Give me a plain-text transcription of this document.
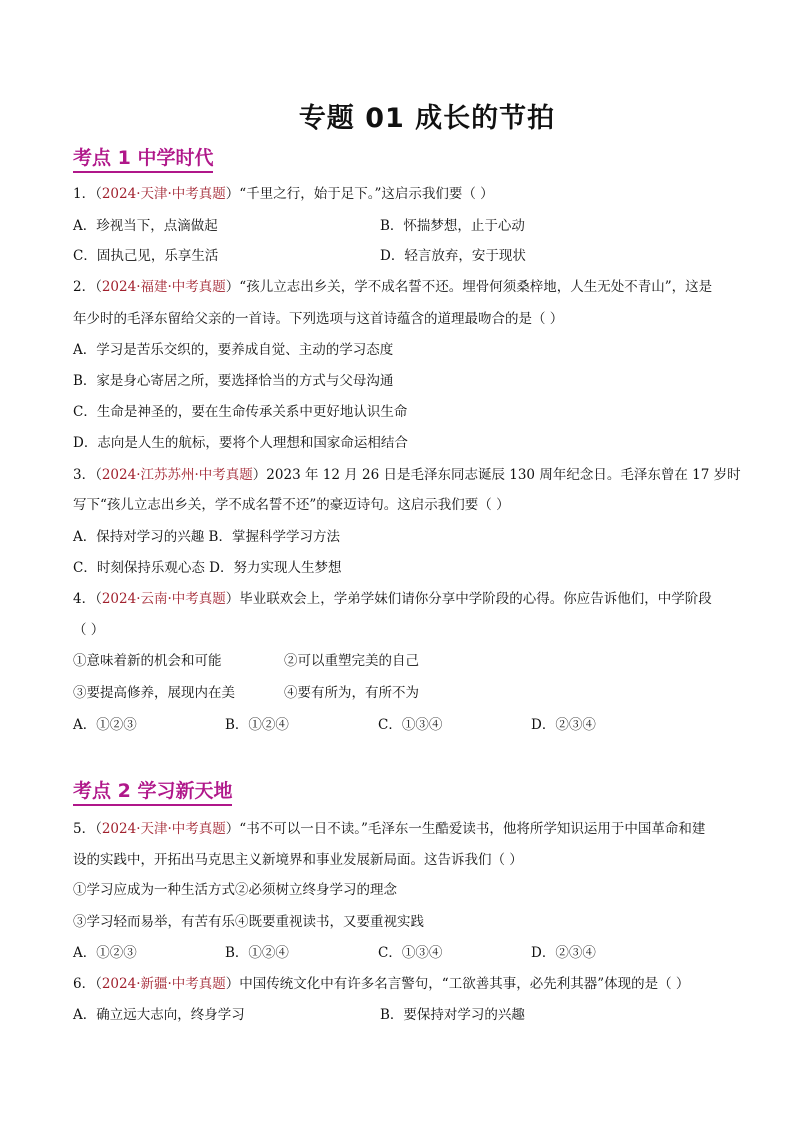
专题 01 成长的节拍
考点 1 中学时代
1．（2024·天津·中考真题）“千里之行，始于足下。”这启示我们要（ ）
A．珍视当下，点滴做起	B．怀揣梦想，止于心动
C．固执己见，乐享生活	D．轻言放弃，安于现状
2．（2024·福建·中考真题）“孩儿立志出乡关，学不成名誓不还。埋骨何须桑梓地，人生无处不青山”，这是
年少时的毛泽东留给父亲的一首诗。下列选项与这首诗蕴含的道理最吻合的是（ ）
A．学习是苦乐交织的，要养成自觉、主动的学习态度
B．家是身心寄居之所，要选择恰当的方式与父母沟通
C．生命是神圣的，要在生命传承关系中更好地认识生命
D．志向是人生的航标，要将个人理想和国家命运相结合
3．（2024·江苏苏州·中考真题）2023 年 12 月 26 日是毛泽东同志诞辰 130 周年纪念日。毛泽东曾在 17 岁时
写下“孩儿立志出乡关，学不成名誓不还”的豪迈诗句。这启示我们要（ ）
A．保持对学习的兴趣 B．掌握科学学习方法
C．时刻保持乐观心态 D．努力实现人生梦想
4．（2024·云南·中考真题）毕业联欢会上，学弟学妹们请你分享中学阶段的心得。你应告诉他们，中学阶段
（ ）
①意味着新的机会和可能	②可以重塑完美的自己
③要提高修养，展现内在美	④要有所为，有所不为
A．①②③	B．①②④	C．①③④	D．②③④
考点 2 学习新天地
5．（2024·天津·中考真题）“书不可以一日不读。”毛泽东一生酷爱读书，他将所学知识运用于中国革命和建
设的实践中，开拓出马克思主义新境界和事业发展新局面。这告诉我们（ ）
①学习应成为一种生活方式②必须树立终身学习的理念
③学习轻而易举，有苦有乐④既要重视读书，又要重视实践
A．①②③	B．①②④	C．①③④	D．②③④
6．（2024·新疆·中考真题）中国传统文化中有许多名言警句，“工欲善其事，必先利其器”体现的是（ ）
A．确立远大志向，终身学习	B．要保持对学习的兴趣
